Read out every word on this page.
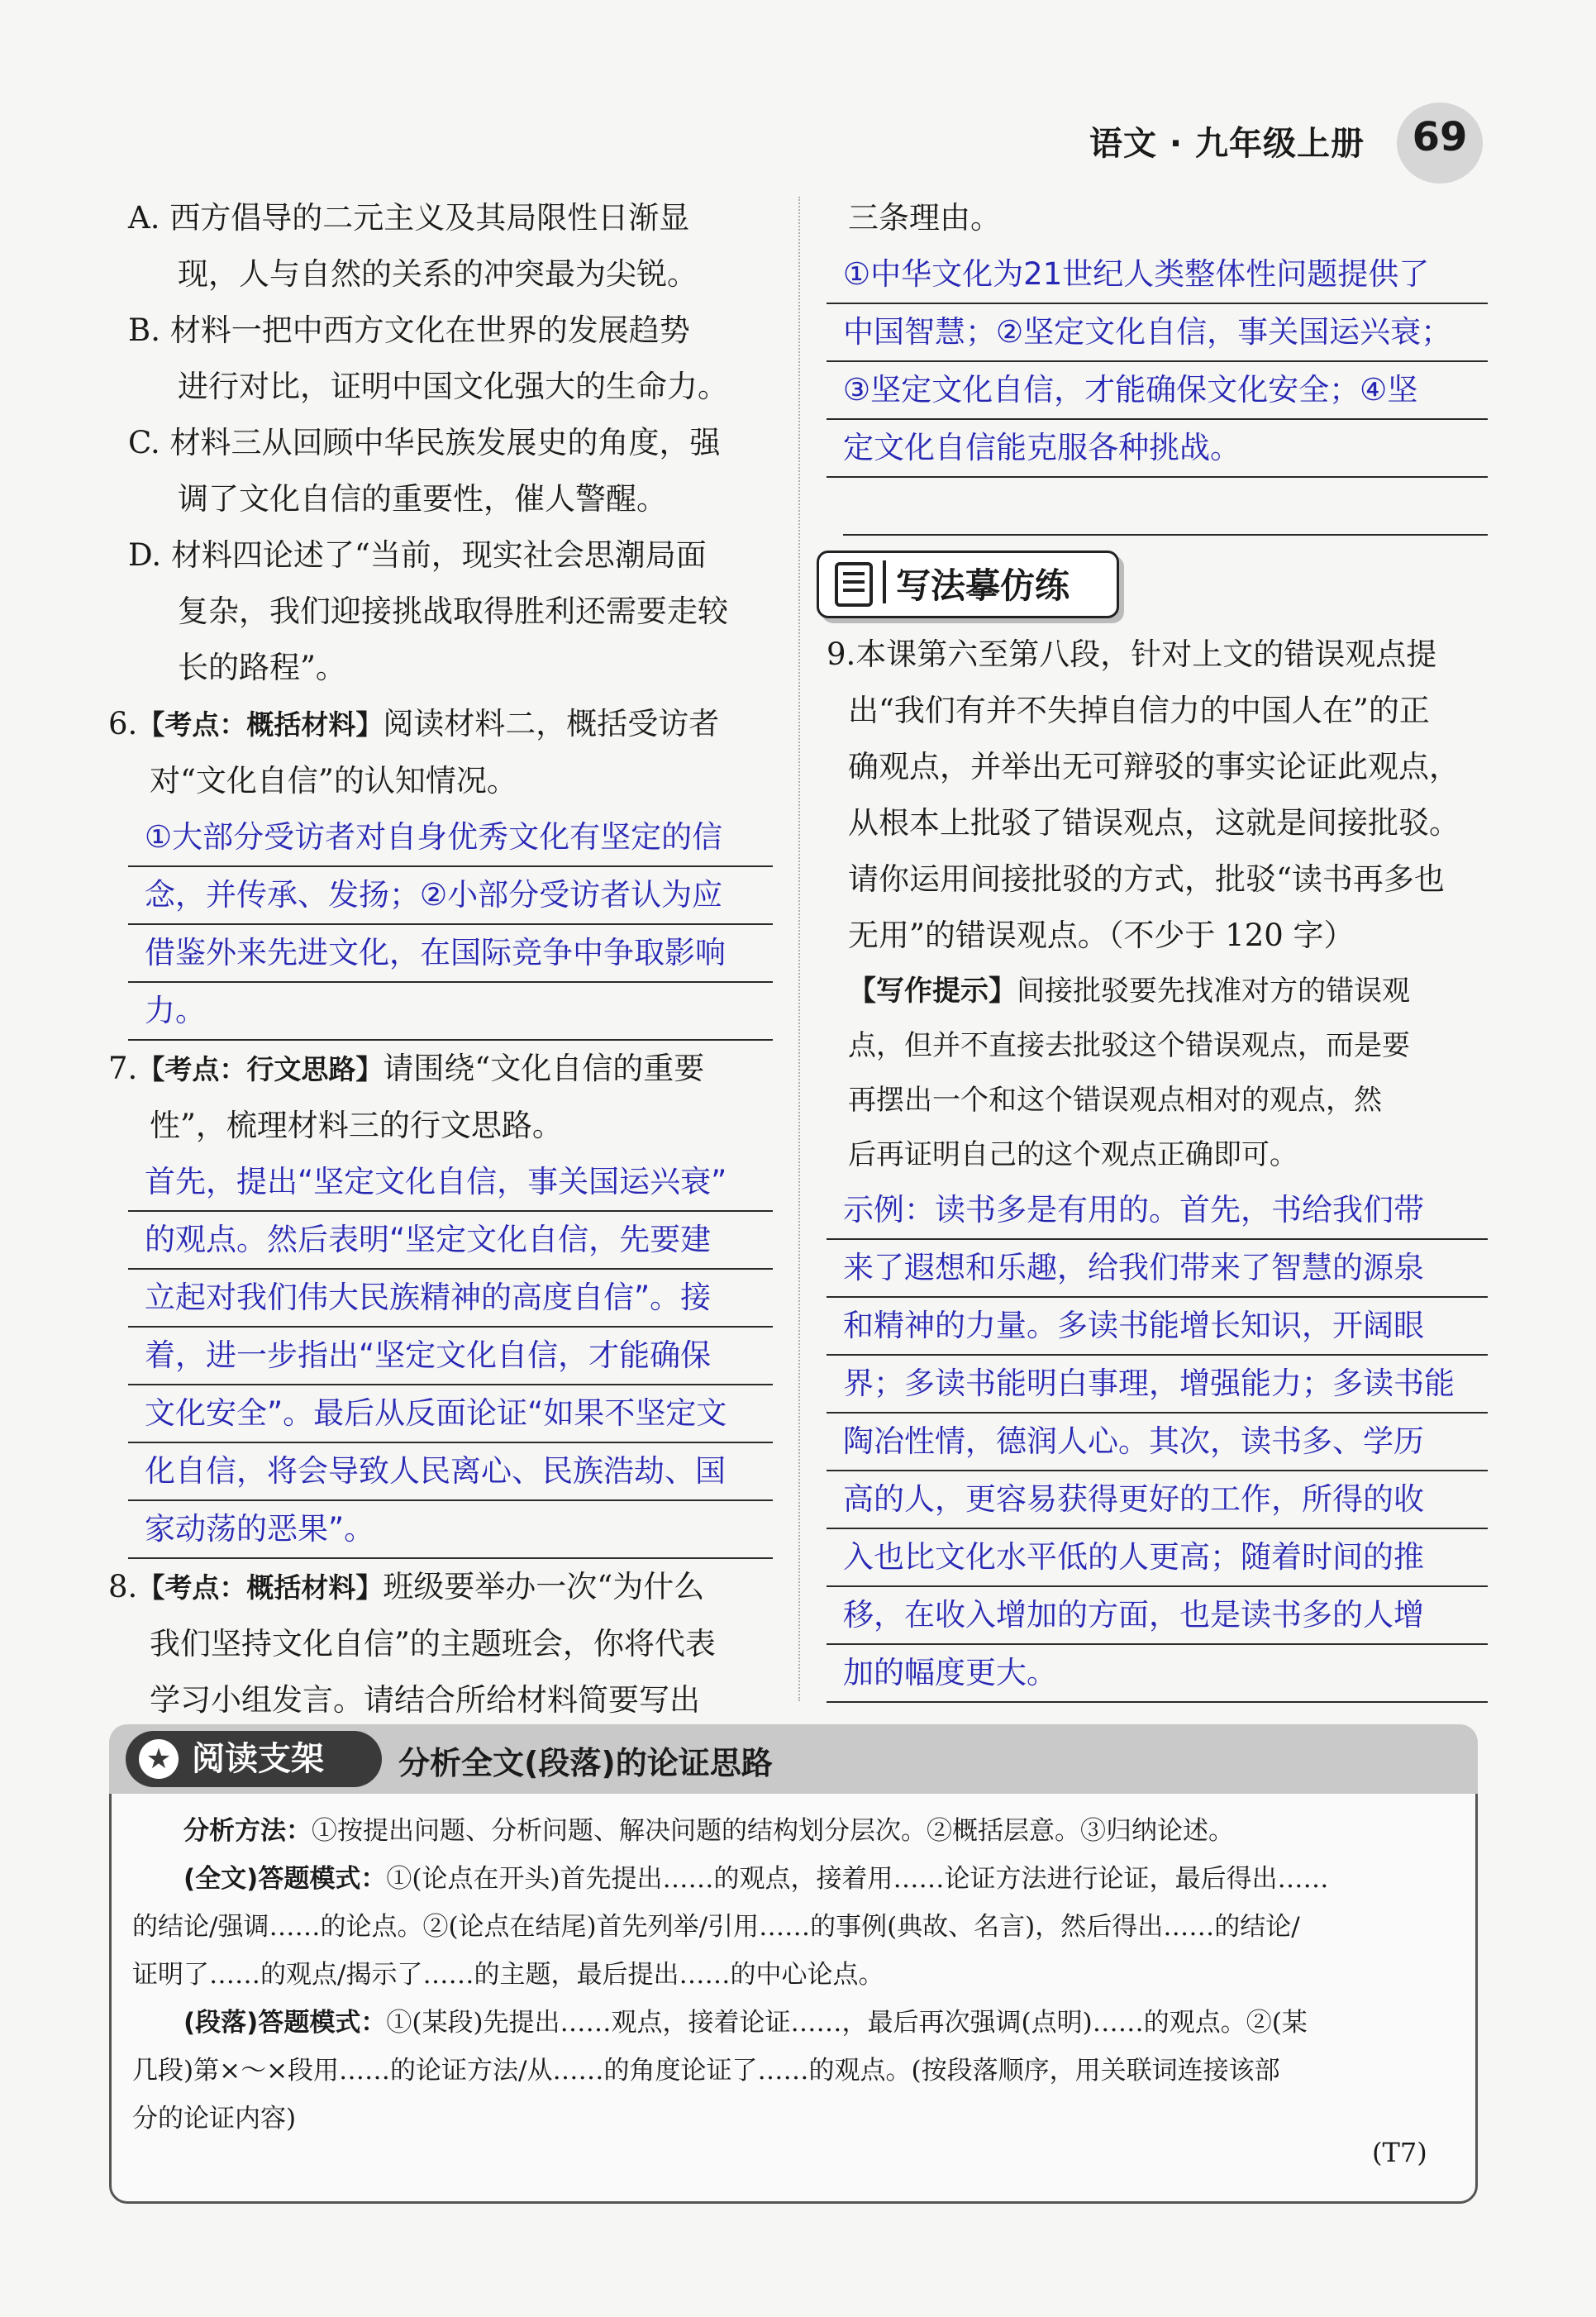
语文 · 九年级上册 69
A. 西方倡导的二元主义及其局限性日渐显
现，人与自然的关系的冲突最为尖锐。
B. 材料一把中西方文化在世界的发展趋势
进行对比，证明中国文化强大的生命力。
C. 材料三从回顾中华民族发展史的角度，强
调了文化自信的重要性，催人警醒。
D. 材料四论述了“当前，现实社会思潮局面
复杂，我们迎接挑战取得胜利还需要走较
长的路程”。
6.【考点：概括材料】阅读材料二，概括受访者
对“文化自信”的认知情况。
①大部分受访者对自身优秀文化有坚定的信
念，并传承、发扬；②小部分受访者认为应
借鉴外来先进文化，在国际竞争中争取影响
力。
7.【考点：行文思路】请围绕“文化自信的重要
性”，梳理材料三的行文思路。
首先，提出“坚定文化自信，事关国运兴衰”
的观点。然后表明“坚定文化自信，先要建
立起对我们伟大民族精神的高度自信”。接
着，进一步指出“坚定文化自信，才能确保
文化安全”。最后从反面论证“如果不坚定文
化自信，将会导致人民离心、民族浩劫、国
家动荡的恶果”。
8.【考点：概括材料】班级要举办一次“为什么
我们坚持文化自信”的主题班会，你将代表
学习小组发言。请结合所给材料简要写出
三条理由。
①中华文化为21世纪人类整体性问题提供了
中国智慧；②坚定文化自信，事关国运兴衰；
③坚定文化自信，才能确保文化安全；④坚
定文化自信能克服各种挑战。
写法摹仿练
9.本课第六至第八段，针对上文的错误观点提
出“我们有并不失掉自信力的中国人在”的正
确观点，并举出无可辩驳的事实论证此观点，
从根本上批驳了错误观点，这就是间接批驳。
请你运用间接批驳的方式，批驳“读书再多也
无用”的错误观点。（不少于 120 字）
【写作提示】间接批驳要先找准对方的错误观
点，但并不直接去批驳这个错误观点，而是要
再摆出一个和这个错误观点相对的观点，然
后再证明自己的这个观点正确即可。
示例：读书多是有用的。首先，书给我们带
来了遐想和乐趣，给我们带来了智慧的源泉
和精神的力量。多读书能增长知识，开阔眼
界；多读书能明白事理，增强能力；多读书能
陶冶性情，德润人心。其次，读书多、学历
高的人，更容易获得更好的工作，所得的收
入也比文化水平低的人更高；随着时间的推
移，在收入增加的方面，也是读书多的人增
加的幅度更大。
★ 阅读支架 分析全文(段落)的论证思路
分析方法：①按提出问题、分析问题、解决问题的结构划分层次。②概括层意。③归纳论述。
(全文)答题模式：①(论点在开头)首先提出……的观点，接着用……论证方法进行论证，最后得出……
的结论/强调……的论点。②(论点在结尾)首先列举/引用……的事例(典故、名言)，然后得出……的结论/
证明了……的观点/揭示了……的主题，最后提出……的中心论点。
(段落)答题模式：①(某段)先提出……观点，接着论证……，最后再次强调(点明)……的观点。②(某
几段)第×～×段用……的论证方法/从……的角度论证了……的观点。(按段落顺序，用关联词连接该部
分的论证内容)
(T7)
